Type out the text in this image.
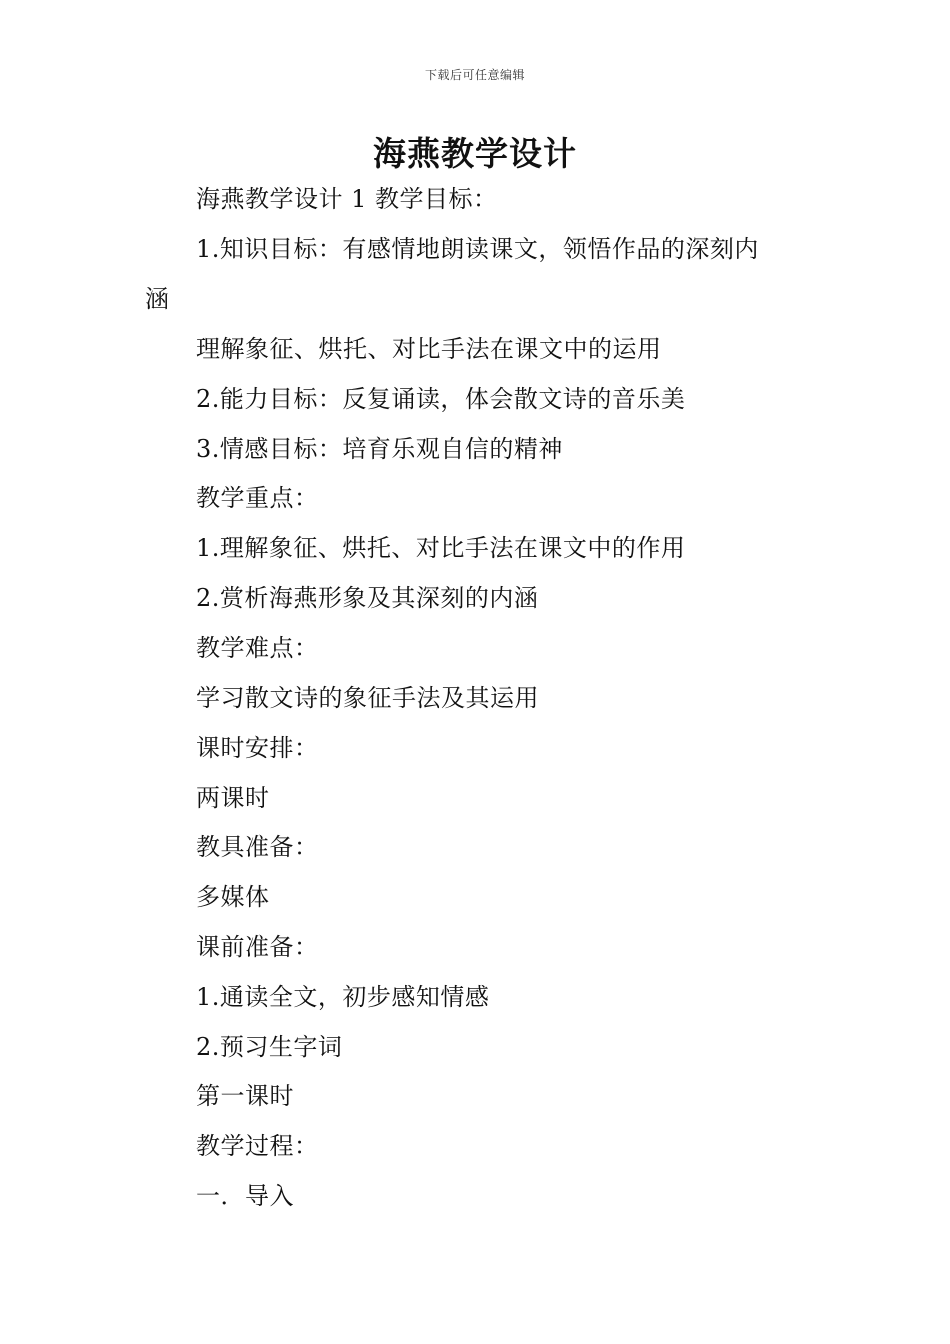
下载后可任意编辑
海燕教学设计
海燕教学设计 1 教学目标：
1.知识目标：有感情地朗读课文，领悟作品的深刻内
涵
理解象征、烘托、对比手法在课文中的运用
2.能力目标：反复诵读，体会散文诗的音乐美
3.情感目标：培育乐观自信的精神
教学重点：
1.理解象征、烘托、对比手法在课文中的作用
2.赏析海燕形象及其深刻的内涵
教学难点：
学习散文诗的象征手法及其运用
课时安排：
两课时
教具准备：
多媒体
课前准备：
1.通读全文，初步感知情感
2.预习生字词
第一课时
教学过程：
一．导入
